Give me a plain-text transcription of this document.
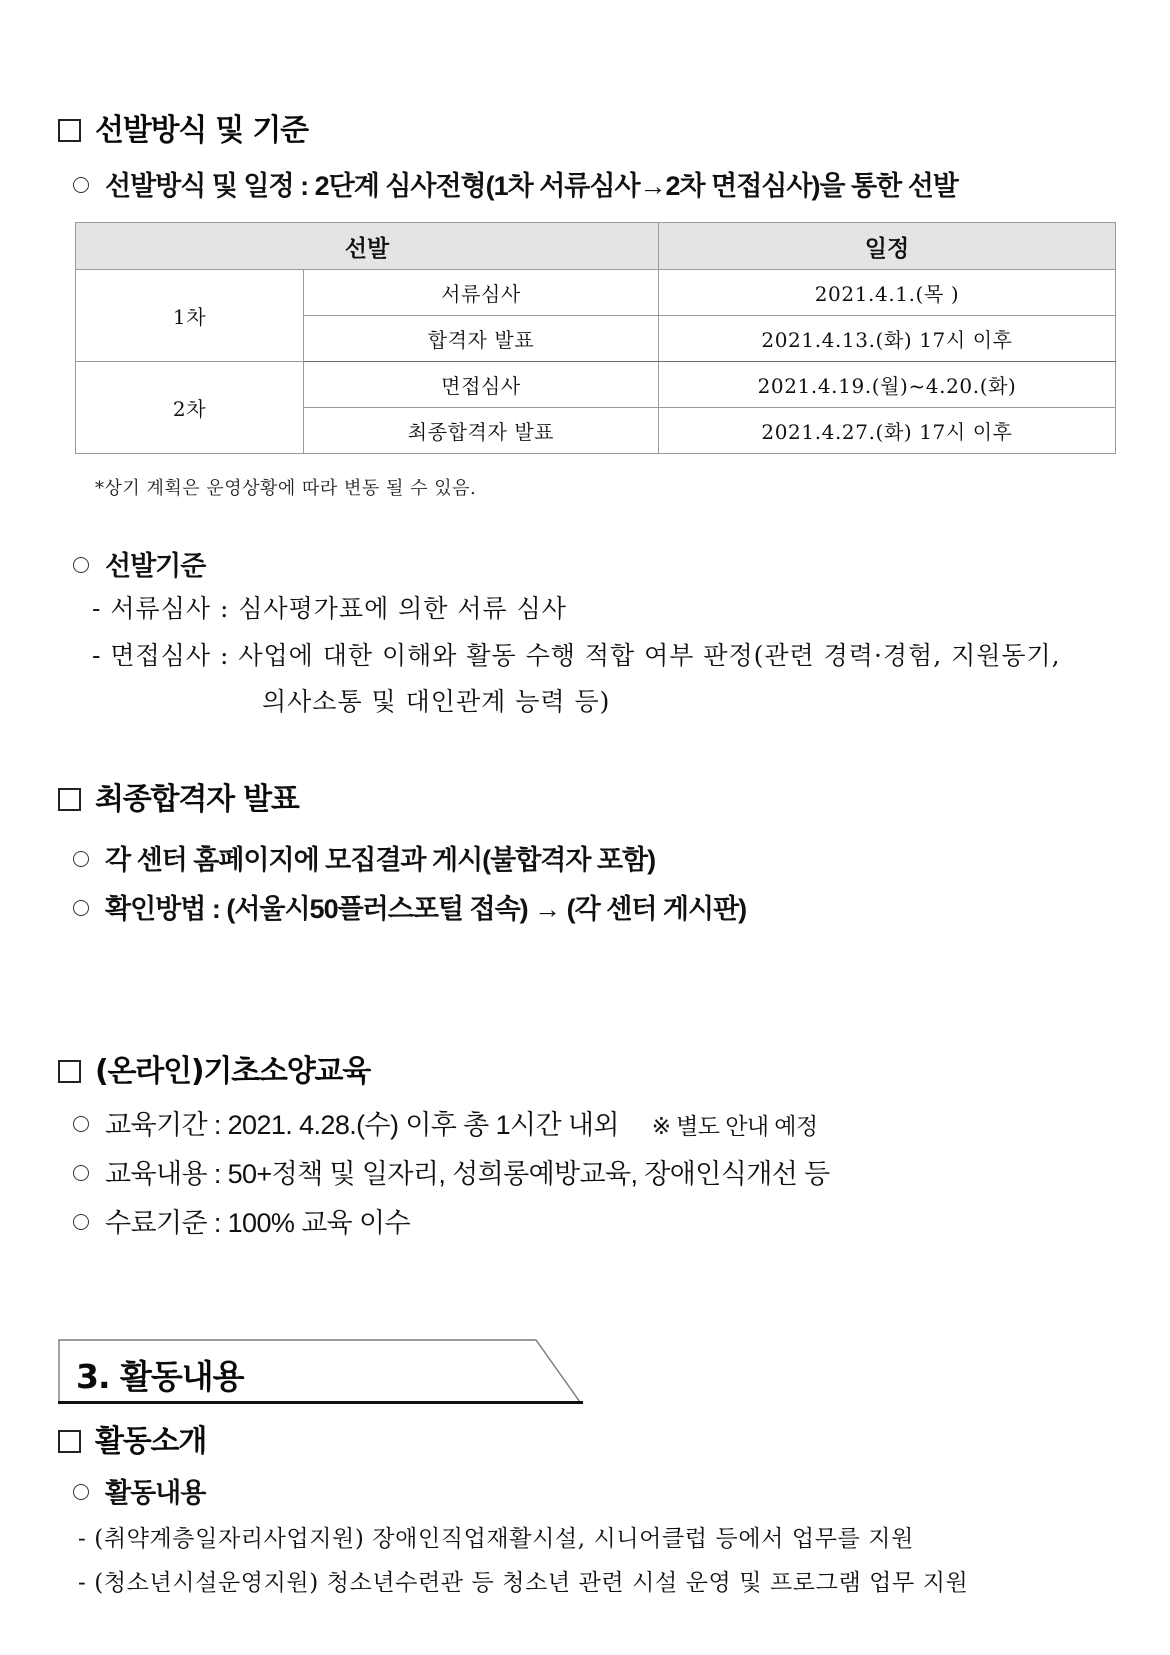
선발방식 및 기준
선발방식 및 일정 : 2단계 심사전형(1차 서류심사→2차 면접심사)을 통한 선발
선발		일정
1차	서류심사	2021.4.1.(목 )
	합격자 발표	2021.4.13.(화) 17시 이후
2차	면접심사	2021.4.19.(월)~4.20.(화)
	최종합격자 발표	2021.4.27.(화) 17시 이후
*상기 계획은 운영상황에 따라 변동 될 수 있음.
선발기준
- 서류심사 : 심사평가표에 의한 서류 심사
- 면접심사 : 사업에 대한 이해와 활동 수행 적합 여부 판정(관련 경력·경험, 지원동기,
의사소통 및 대인관계 능력 등)
최종합격자 발표
각 센터 홈페이지에 모집결과 게시(불합격자 포함)
확인방법 : (서울시50플러스포털 접속) → (각 센터 게시판)
(온라인)기초소양교육
교육기간 : 2021. 4.28.(수) 이후 총 1시간 내외 ※ 별도 안내 예정
교육내용 : 50+정책 및 일자리, 성희롱예방교육, 장애인식개선 등
수료기준 : 100% 교육 이수
3. 활동내용
활동소개
활동내용
- (취약계층일자리사업지원) 장애인직업재활시설, 시니어클럽 등에서 업무를 지원
- (청소년시설운영지원) 청소년수련관 등 청소년 관련 시설 운영 및 프로그램 업무 지원
